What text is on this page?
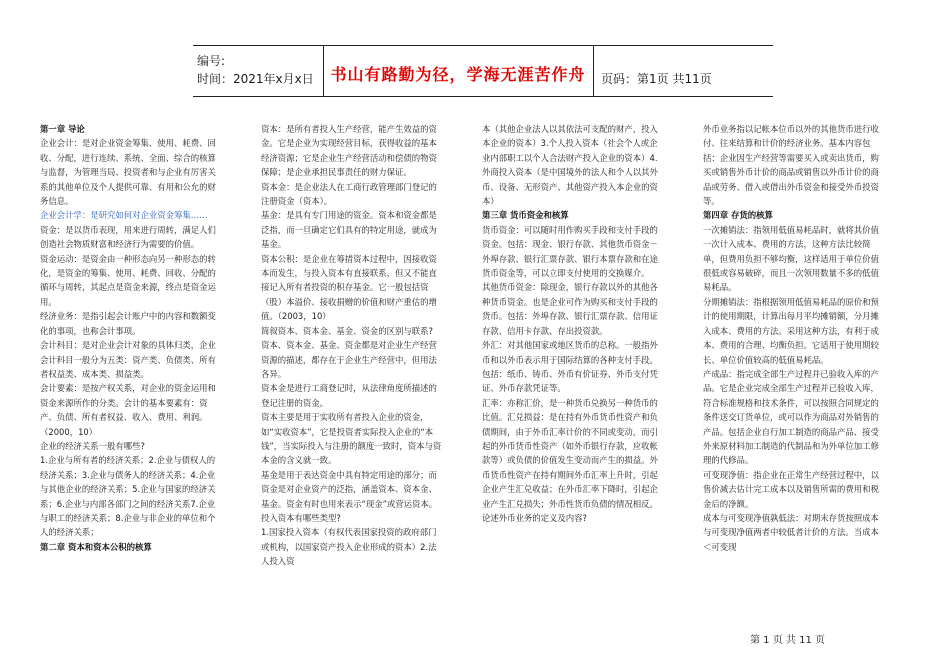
编号:
时间：2021年x月x日	书山有路勤为径，学海无涯苦作舟	页码：第1页 共11页

第一章 导论

企业会计：是对企业资金筹集、使用、耗费、回收、分配，进行连续、系统、全面、综合的核算与监督，为管理当局、投资者和与企业有厉害关系的其他单位及个人提供可靠、有用和公允的财务信息。

企业会计学：是研究如何对企业资金筹集……

资金：是以货币表现，用来进行周转，满足人们创造社会物质财富和经济行为需要的价值。

资金运动：是资金由一种形态向另一种形态的转化，是资金的筹集、使用、耗费、回收、分配的循环与周转，其起点是资金来源，终点是资金运用。

经济业务：是指引起会计账户中的内容和数额变化的事项，也称会计事项。

会计科目：是对企业会计对象的具体归类，企业会计科目一般分为五类：资产类、负债类、所有者权益类、成本类、损益类。

会计要素：是按产权关系，对企业的资金运用和资金来源所作的分类。会计的基本要素有：资产、负债、所有者权益、收入、费用、利润。（2000，10）

企业的经济关系一般有哪些?

1.企业与所有者的经济关系；2.企业与债权人的经济关系；3.企业与债务人的经济关系；4.企业与其他企业的经济关系；5.企业与国家的经济关系；6.企业与内部各部门之间的经济关系7.企业与职工的经济关系；8.企业与非企业的单位和个人的经济关系；

第二章 资本和资本公积的核算

资本：是所有者投入生产经营，能产生效益的资金。它是企业为实现经营目标，获得收益的基本经济资源；它是企业生产经营活动和偿债的物资保障；是企业承担民事责任的财力保证。

资本金：是企业法人在工商行政管理部门登记的注册资金（资本）。

基金：是具有专门用途的资金。资本和资金都是泛指，而一旦确定它们具有的特定用途，就成为基金。

资本公积：是企业在筹措资本过程中，因接收资本而发生，与投入资本有直接联系，但又不能直接记入所有者投资的积存基金。它一般包括资（股）本溢价、接收捐赠的价值和财产重估的增值。（2003，10）

简叙资本、资本金、基金、资金的区别与联系?

资本、资本金、基金、资金都是对企业生产经营资源的描述，都存在于企业生产经营中，但用法各异。

资本金是进行工商登记时，从法律角度所描述的登记注册的资金。

资本主要是用于实收所有者投入企业的资金，如“实收资本”，它是投资者实际投入企业的“本钱”，当实际投入与注册的额度一致时，资本与资本金的含义就一致。

基金是用于表达资金中具有特定用途的部分；而资金是对企业资产的泛指，涵盖资本、资本金、基金。资金有时也用来表示“现金”或营运资本。

投入资本有哪些类型?

1.国家投入资本（有权代表国家投资的政府部门或机构，以国家资产投入企业形成的资本）2.法人投入资

本（其他企业法人以其依法可支配的财产，投入本企业的资本）3.个人投入资本（社会个人或企业内部职工以个人合法财产投入企业的资本）4.外商投入资本（是中国境外的法人和个人以其外币、设备、无形资产、其他资产投入本企业的资本）

第三章 货币资金和核算

货币资金：可以随时用作购买手段和支付手段的资金。包括：现金、银行存款、其他货币资金－外埠存款、银行汇票存款、银行本票存款和在途货币资金等，可以立即支付使用的交换媒介。

其他货币资金：除现金，银行存款以外的其他各种货币资金。也是企业可作为购买和支付手段的货币。包括：外埠存款、银行汇票存款、信用证存款、信用卡存款、存出投资款。

外汇：对其他国家或地区货币的总称。一般指外币和以外币表示用于国际结算的各种支付手段。包括：纸币、铸币、外币有价证券、外币支付凭证、外币存款凭证等。

汇率：亦称汇价，是一种货币兑换另一种货币的比值。汇兑损益：是在持有外币货币性资产和负债期间，由于外币汇率计价的不同或变动，而引起的外币货币性资产（如外币银行存款，应收帐款等）或负债的价值发生变动而产生的损益。外币货币性资产在持有期间外币汇率上升时，引起企业产生汇兑收益；在外币汇率下降时，引起企业产生汇兑损失；外币性货币负债的情况相反。

论述外币业务的定义及内容?

外币业务指以记帐本位币以外的其他货币进行收付、往来结算和计价的经济业务。基本内容包括：企业因生产经营等需要买入或卖出货币，购买或销售外币计价的商品或销售以外币计价的商品或劳务、借入或借出外币资金和接受外币投资等。

第四章 存货的核算

一次摊销法：指领用低值易耗品时，就将其价值一次计入成本、费用的方法，这种方法比较简单，但费用负担不够均衡，这样适用于单位价值很低或容易破碎，而且一次领用数量不多的低值易耗品。

分期摊销法：指根据领用低值易耗品的原价和预计的使用期限，计算出每月平均摊销额，分月摊入成本、费用的方法。采用这种方法，有利于成本、费用的合理、均衡负担。它适用于使用期较长、单位价值较高的低值易耗品。

产成品：指完成全部生产过程并已验收入库的产品。它是企业完成全部生产过程并已验收入库，符合标准规格和技术条件，可以按照合同规定的条件送交订货单位，或可以作为商品对外销售的产品。包括企业自行加工制造的商品产品、接受外来原材料加工制造的代制品和为外单位加工修理的代修品。

可变现净值：指企业在正常生产经营过程中，以售价减去估计完工成本以及销售所需的费用和税金后的净额。

成本与可变现净值孰低法：对期末存货按照成本与可变现净值两者中较低者计价的方法。当成本＜可变现

第 1 页 共 11 页
